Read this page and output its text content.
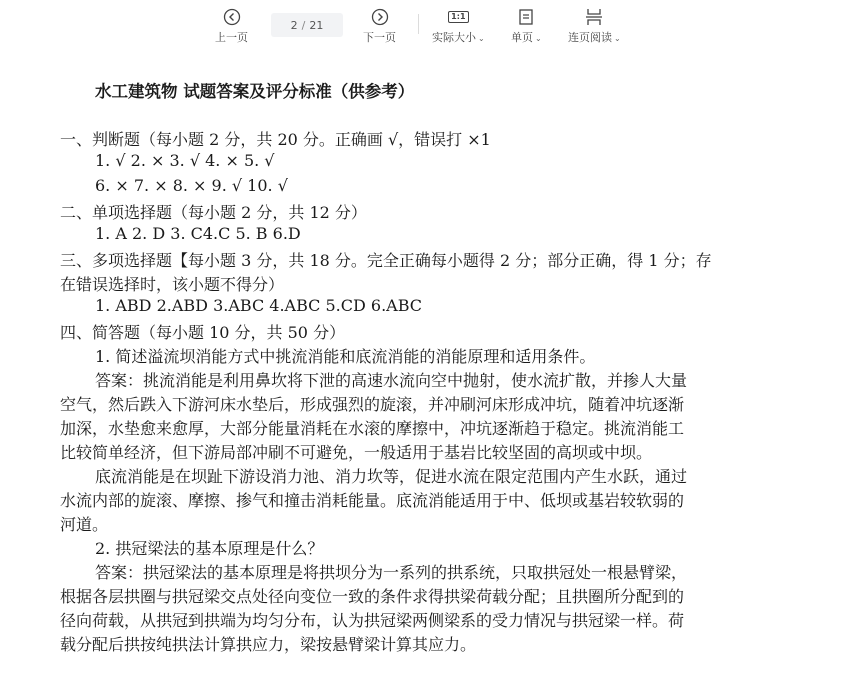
上一页
2 / 21
下一页
1:1
实际大小 ⌄ 单页 ⌄ 连页阅读 ⌄
水工建筑物 试题答案及评分标准（供参考）
一、判断题（每小题 2 分，共 20 分。正确画 √，错误打 ×1
1. √ 2. × 3. √ 4. × 5. √
6. × 7. × 8. × 9. √ 10. √
二、单项选择题（每小题 2 分，共 12 分）
1. A 2. D 3. C4.C 5. B 6.D
三、多项选择题【每小题 3 分，共 18 分。完全正确每小题得 2 分；部分正确，得 1 分；存
在错误选择时，该小题不得分）
1. ABD 2.ABD 3.ABC 4.ABC 5.CD 6.ABC
四、简答题（每小题 10 分，共 50 分）
1. 简述溢流坝消能方式中挑流消能和底流消能的消能原理和适用条件。
答案：挑流消能是利用鼻坎将下泄的高速水流向空中抛射，使水流扩散，并掺人大量
空气，然后跌入下游河床水垫后，形成强烈的旋滚，并冲刷河床形成冲坑，随着冲坑逐渐
加深，水垫愈来愈厚，大部分能量消耗在水滚的摩擦中，冲坑逐渐趋于稳定。挑流消能工
比较简单经济，但下游局部冲刷不可避免，一般适用于基岩比较坚固的高坝或中坝。
底流消能是在坝趾下游设消力池、消力坎等，促进水流在限定范围内产生水跃，通过
水流内部的旋滚、摩擦、掺气和撞击消耗能量。底流消能适用于中、低坝或基岩较软弱的
河道。
2. 拱冠梁法的基本原理是什么？
答案：拱冠梁法的基本原理是将拱坝分为一系列的拱系统，只取拱冠处一根悬臂梁，
根据各层拱圈与拱冠梁交点处径向变位一致的条件求得拱梁荷载分配；且拱圈所分配到的
径向荷载，从拱冠到拱端为均匀分布，认为拱冠梁两侧梁系的受力情况与拱冠梁一样。荷
载分配后拱按纯拱法计算拱应力，梁按悬臂梁计算其应力。
